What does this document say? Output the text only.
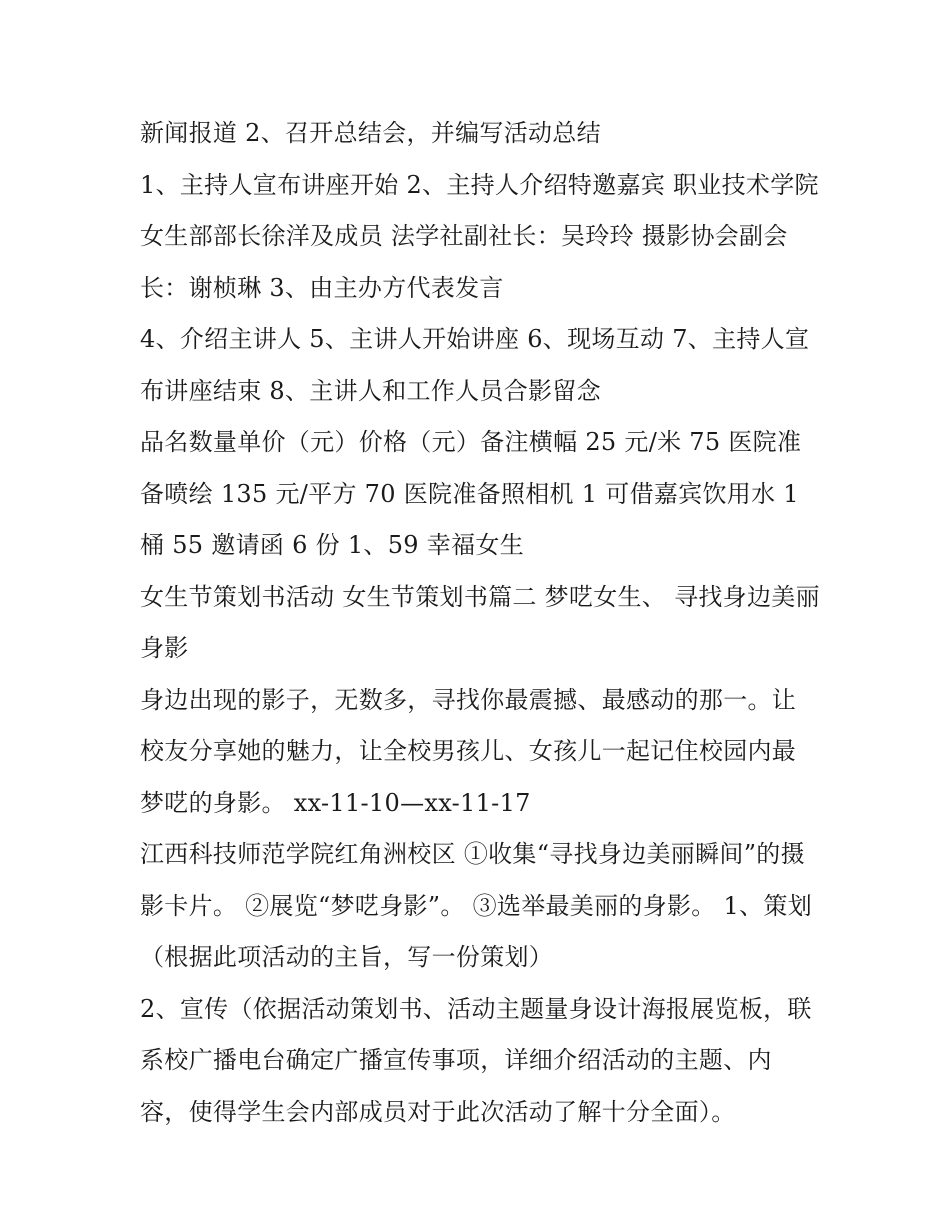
新闻报道 2、召开总结会，并编写活动总结

1、主持人宣布讲座开始 2、主持人介绍特邀嘉宾 职业技术学院女生部部长徐洋及成员 法学社副社长：吴玲玲 摄影协会副会长：谢桢琳 3、由主办方代表发言

4、介绍主讲人 5、主讲人开始讲座 6、现场互动 7、主持人宣布讲座结束 8、主讲人和工作人员合影留念

品名数量单价（元）价格（元）备注横幅 25 元/米 75 医院准备喷绘 135 元/平方 70 医院准备照相机 1 可借嘉宾饮用水 1 桶 55 邀请函 6 份 1、59 幸福女生

女生节策划书活动 女生节策划书篇二 梦呓女生、 寻找身边美丽身影

身边出现的影子，无数多，寻找你最震撼、最感动的那一。让校友分享她的魅力，让全校男孩儿、女孩儿一起记住校园内最梦呓的身影。 xx-11-10—xx-11-17

江西科技师范学院红角洲校区 ①收集“寻找身边美丽瞬间”的摄影卡片。 ②展览“梦呓身影”。 ③选举最美丽的身影。 1、策划（根据此项活动的主旨，写一份策划）

2、宣传（依据活动策划书、活动主题量身设计海报展览板，联系校广播电台确定广播宣传事项，详细介绍活动的主题、内容，使得学生会内部成员对于此次活动了解十分全面）。
